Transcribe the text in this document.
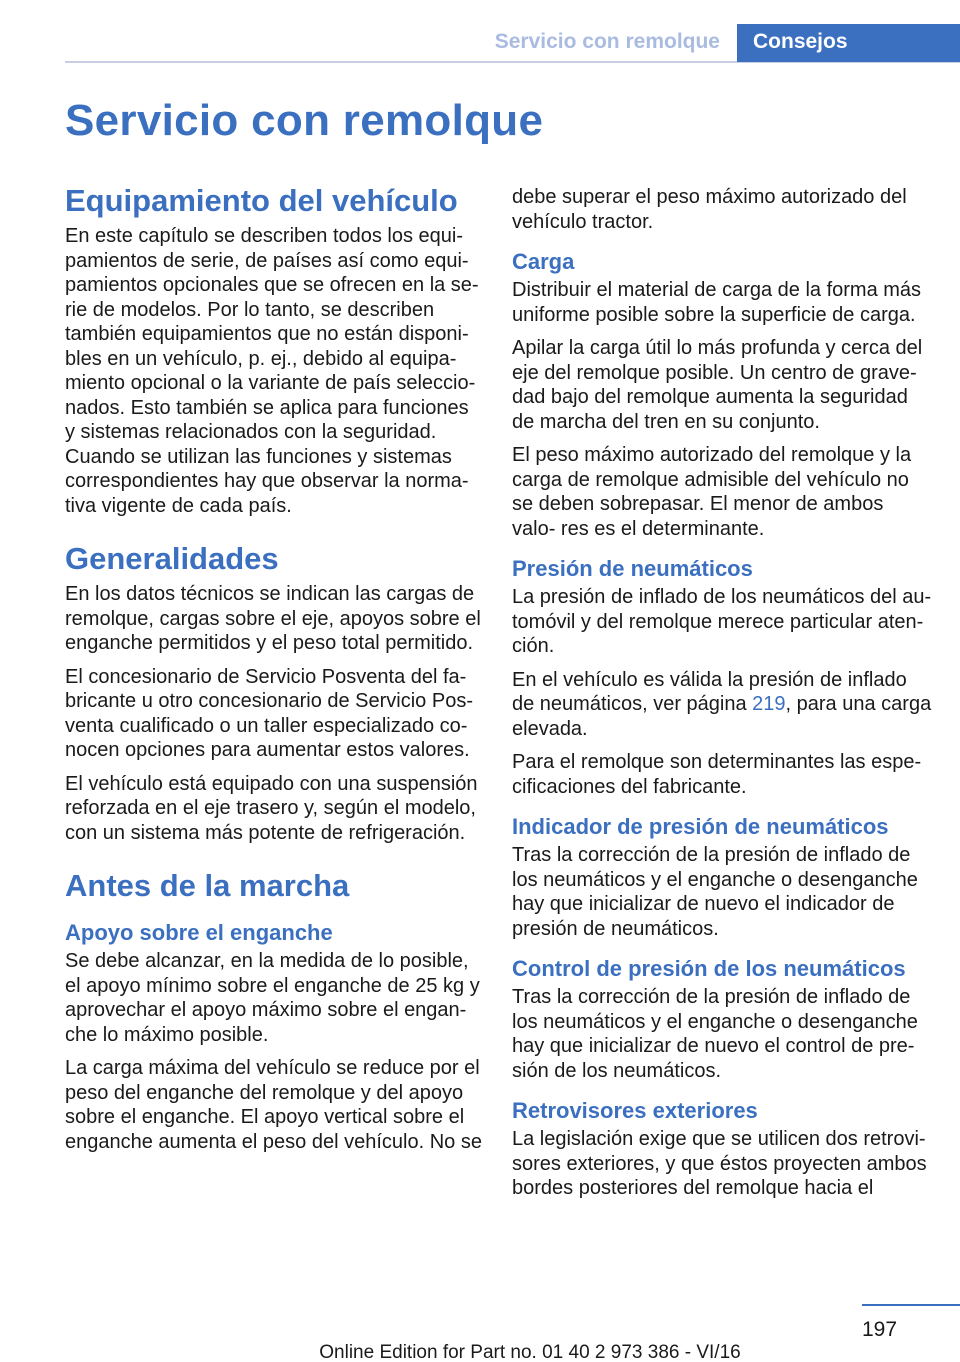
Servicio con remolque	Consejos
Servicio con remolque
Equipamiento del vehículo

En este capítulo se describen todos los equi- pamientos de serie, de países así como equi- pamientos opcionales que se ofrecen en la se- rie de modelos. Por lo tanto, se describen también equipamientos que no están disponi- bles en un vehículo, p. ej., debido al equipa- miento opcional o la variante de país seleccio- nados. Esto también se aplica para funciones y sistemas relacionados con la seguridad. Cuando se utilizan las funciones y sistemas correspondientes hay que observar la norma- tiva vigente de cada país.

Generalidades

En los datos técnicos se indican las cargas de remolque, cargas sobre el eje, apoyos sobre el enganche permitidos y el peso total permitido.

El concesionario de Servicio Posventa del fa- bricante u otro concesionario de Servicio Pos- venta cualificado o un taller especializado co- nocen opciones para aumentar estos valores.

El vehículo está equipado con una suspensión reforzada en el eje trasero y, según el modelo, con un sistema más potente de refrigeración.

Antes de la marcha
Apoyo sobre el enganche

Se debe alcanzar, en la medida de lo posible, el apoyo mínimo sobre el enganche de 25 kg y aprovechar el apoyo máximo sobre el engan- che lo máximo posible.

La carga máxima del vehículo se reduce por el peso del enganche del remolque y del apoyo sobre el enganche. El apoyo vertical sobre el enganche aumenta el peso del vehículo. No se

debe superar el peso máximo autorizado del vehículo tractor.

Carga

Distribuir el material de carga de la forma más uniforme posible sobre la superficie de carga.

Apilar la carga útil lo más profunda y cerca del eje del remolque posible. Un centro de grave- dad bajo del remolque aumenta la seguridad de marcha del tren en su conjunto.

El peso máximo autorizado del remolque y la carga de remolque admisible del vehículo no se deben sobrepasar. El menor de ambos valo- res es el determinante.

Presión de neumáticos

La presión de inflado de los neumáticos del au- tomóvil y del remolque merece particular aten- ción.

En el vehículo es válida la presión de inflado de neumáticos, ver página 219, para una carga elevada.

Para el remolque son determinantes las espe- cificaciones del fabricante.

Indicador de presión de neumáticos

Tras la corrección de la presión de inflado de los neumáticos y el enganche o desenganche hay que inicializar de nuevo el indicador de presión de neumáticos.

Control de presión de los neumáticos

Tras la corrección de la presión de inflado de los neumáticos y el enganche o desenganche hay que inicializar de nuevo el control de pre- sión de los neumáticos.

Retrovisores exteriores

La legislación exige que se utilicen dos retrovi- sores exteriores, y que éstos proyecten ambos bordes posteriores del remolque hacia el

197
Online Edition for Part no. 01 40 2 973 386 - VI/16
